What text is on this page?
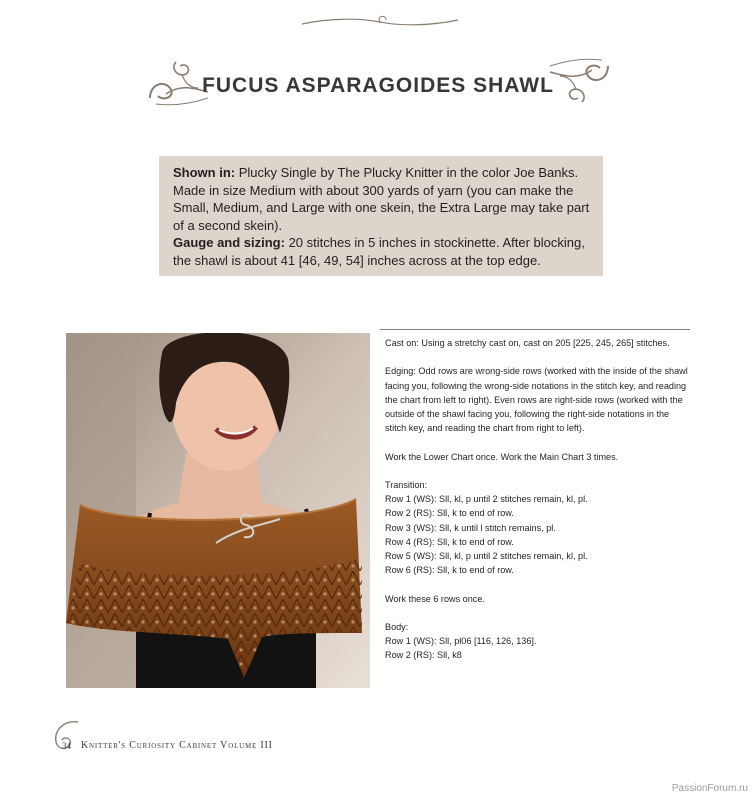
FUCUS ASPARAGOIDES SHAWL
Shown in: Plucky Single by The Plucky Knitter in the color Joe Banks. Made in size Medium with about 300 yards of yarn (you can make the Small, Medium, and Large with one skein, the Extra Large may take part of a second skein).
Gauge and sizing: 20 stitches in 5 inches in stockinette. After blocking, the shawl is about 41 [46, 49, 54] inches across at the top edge.

Cast on: Using a stretchy cast on, cast on 205 [225, 245, 265] stitches.

Edging: Odd rows are wrong-side rows (worked with the inside of the shawl facing you, following the wrong-side notations in the stitch key, and reading the chart from left to right). Even rows are right-side rows (worked with the outside of the shawl facing you, following the right-side notations in the stitch key, and reading the chart from right to left).

Work the Lower Chart once. Work the Main Chart 3 times.

Transition:

Row 1 (WS): Sll, kl, p until 2 stitches remain, kl, pl.

Row 2 (RS): Sll, k to end of row.

Row 3 (WS): Sll, k until l stitch remains, pl.

Row 4 (RS): Sll, k to end of row.

Row 5 (WS): Sll, kl, p until 2 stitches remain, kl, pl.

Row 6 (RS): Sll, k to end of row.

Work these 6 rows once.

Body:

Row 1 (WS): Sll, pl06 [116, 126, 136].

Row 2 (RS): Sll, k8

34 Knitter's Curiosity Cabinet Volume III
PassionForum.ru
